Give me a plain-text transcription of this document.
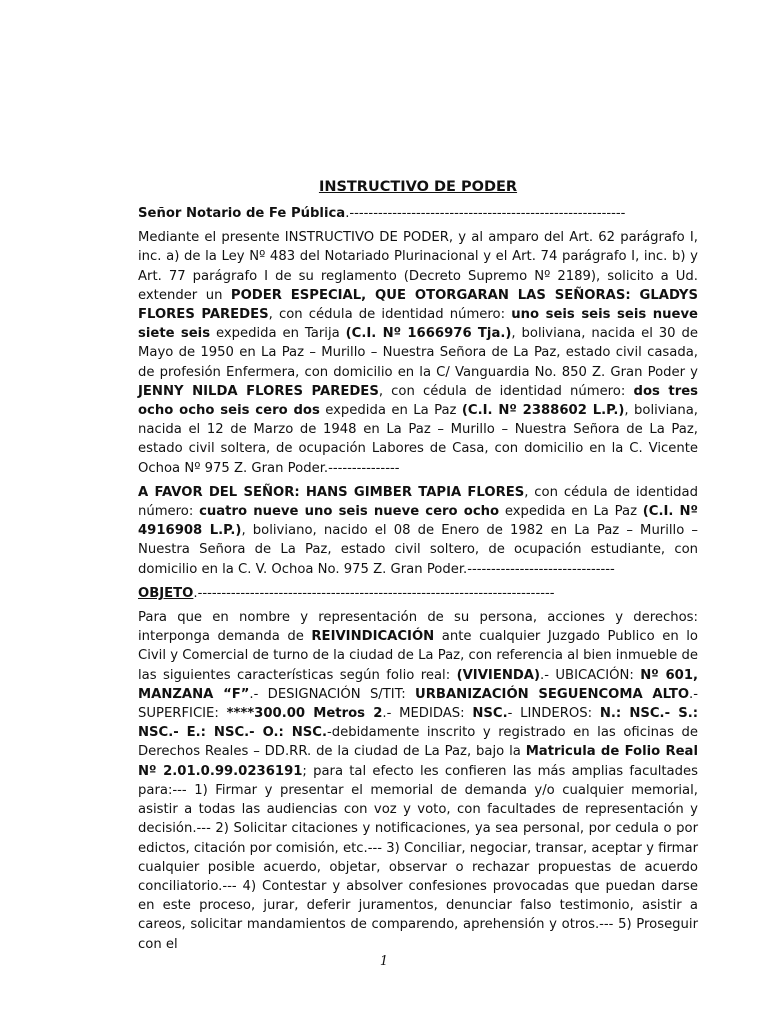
INSTRUCTIVO DE PODER
Señor Notario de Fe Pública.----------------------------------------------------------
Mediante el presente INSTRUCTIVO DE PODER, y al amparo del Art. 62 parágrafo I, inc. a) de la Ley Nº 483 del Notariado Plurinacional y el Art. 74 parágrafo I, inc. b) y Art. 77 parágrafo I de su reglamento (Decreto Supremo Nº 2189), solicito a Ud. extender un PODER ESPECIAL, QUE OTORGARAN LAS SEÑORAS: GLADYS FLORES PAREDES, con cédula de identidad número: uno seis seis seis nueve siete seis expedida en Tarija (C.I. Nº 1666976 Tja.), boliviana, nacida el 30 de Mayo de 1950 en La Paz – Murillo – Nuestra Señora de La Paz, estado civil casada, de profesión Enfermera, con domicilio en la C/ Vanguardia No. 850 Z. Gran Poder y JENNY NILDA FLORES PAREDES, con cédula de identidad número: dos tres ocho ocho seis cero dos expedida en La Paz (C.I. Nº 2388602 L.P.), boliviana, nacida el 12 de Marzo de 1948 en La Paz – Murillo – Nuestra Señora de La Paz, estado civil soltera, de ocupación Labores de Casa, con domicilio en la C. Vicente Ochoa Nº 975 Z. Gran Poder.---------------
A FAVOR DEL SEÑOR: HANS GIMBER TAPIA FLORES, con cédula de identidad número: cuatro nueve uno seis nueve cero ocho expedida en La Paz (C.I. Nº 4916908 L.P.), boliviano, nacido el 08 de Enero de 1982 en La Paz – Murillo – Nuestra Señora de La Paz, estado civil soltero, de ocupación estudiante, con domicilio en la C. V. Ochoa No. 975 Z. Gran Poder.-------------------------------
OBJETO.---------------------------------------------------------------------------
Para que en nombre y representación de su persona, acciones y derechos: interponga demanda de REIVINDICACIÓN ante cualquier Juzgado Publico en lo Civil y Comercial de turno de la ciudad de La Paz, con referencia al bien inmueble de las siguientes características según folio real: (VIVIENDA).- UBICACIÓN: Nº 601, MANZANA “F”.- DESIGNACIÓN S/TIT: URBANIZACIÓN SEGUENCOMA ALTO.- SUPERFICIE: ****300.00 Metros 2.- MEDIDAS: NSC.- LINDEROS: N.: NSC.- S.: NSC.- E.: NSC.- O.: NSC.-debidamente inscrito y registrado en las oficinas de Derechos Reales – DD.RR. de la ciudad de La Paz, bajo la Matricula de Folio Real Nº 2.01.0.99.0236191; para tal efecto les confieren las más amplias facultades para:--- 1) Firmar y presentar el memorial de demanda y/o cualquier memorial, asistir a todas las audiencias con voz y voto, con facultades de representación y decisión.--- 2) Solicitar citaciones y notificaciones, ya sea personal, por cedula o por edictos, citación por comisión, etc.--- 3) Conciliar, negociar, transar, aceptar y firmar cualquier posible acuerdo, objetar, observar o rechazar propuestas de acuerdo conciliatorio.--- 4) Contestar y absolver confesiones provocadas que puedan darse en este proceso, jurar, deferir juramentos, denunciar falso testimonio, asistir a careos, solicitar mandamientos de comparendo, aprehensión y otros.--- 5) Proseguir con el
1
